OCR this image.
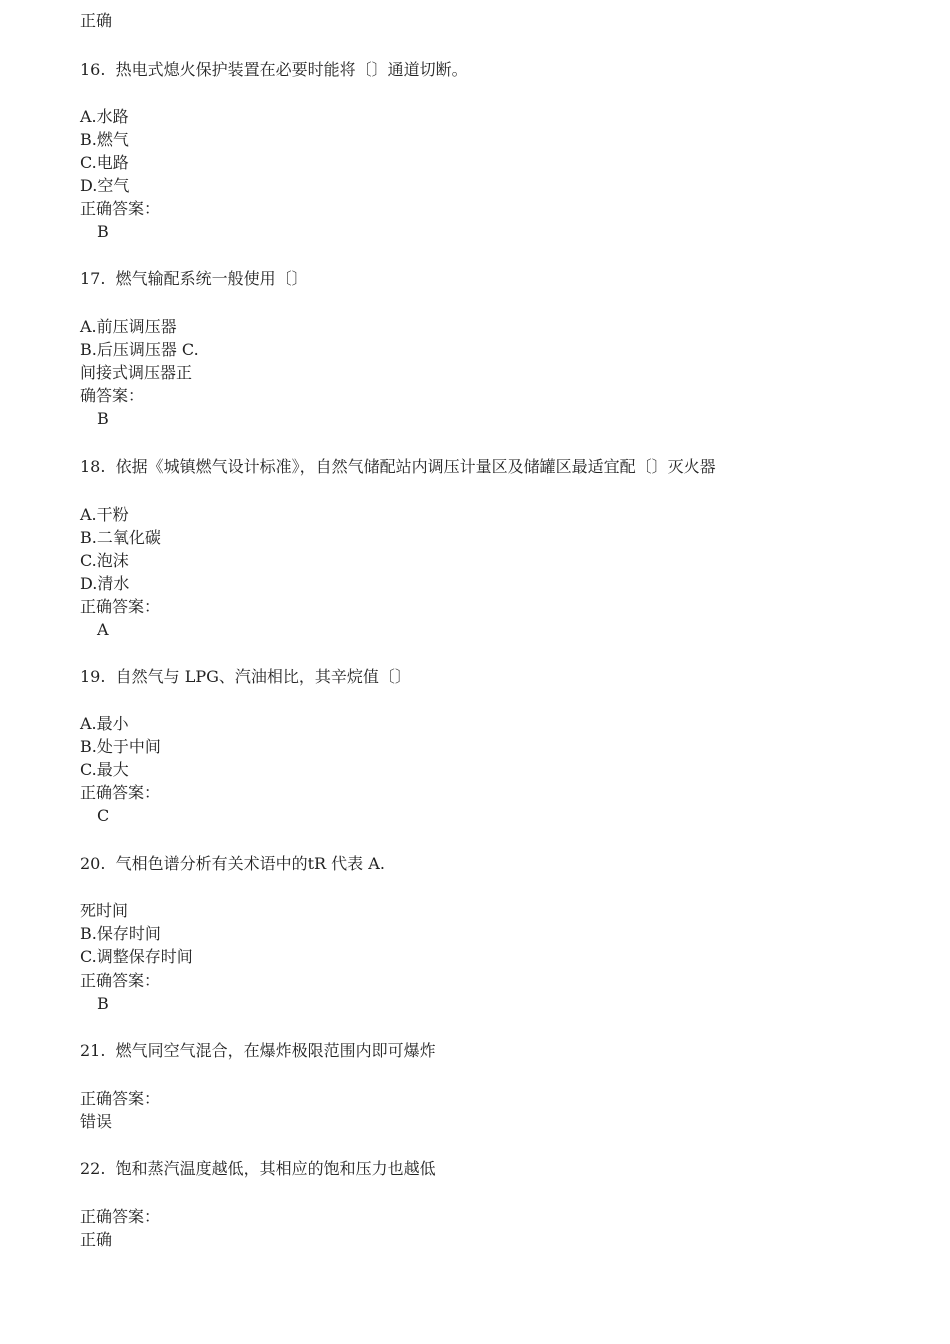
正确
16.  热电式熄火保护装置在必要时能将〔〕通道切断。
A.水路
B.燃气
C.电路
D.空气
正确答案：
B
17.  燃气输配系统一般使用〔〕
A.前压调压器
B.后压调压器 C.
间接式调压器正
确答案：
B
18.  依据《城镇燃气设计标准》，自然气储配站内调压计量区及储罐区最适宜配〔〕灭火器
A.干粉
B.二氧化碳
C.泡沫
D.清水
正确答案：
A
19.  自然气与 LPG、汽油相比，其辛烷值〔〕
A.最小
B.处于中间
C.最大
正确答案：
C
20.  气相色谱分析有关术语中的tR 代表 A.
死时间
B.保存时间
C.调整保存时间
正确答案：
B
21.  燃气同空气混合，在爆炸极限范围内即可爆炸
正确答案：
错误
22.  饱和蒸汽温度越低，其相应的饱和压力也越低
正确答案：
正确
